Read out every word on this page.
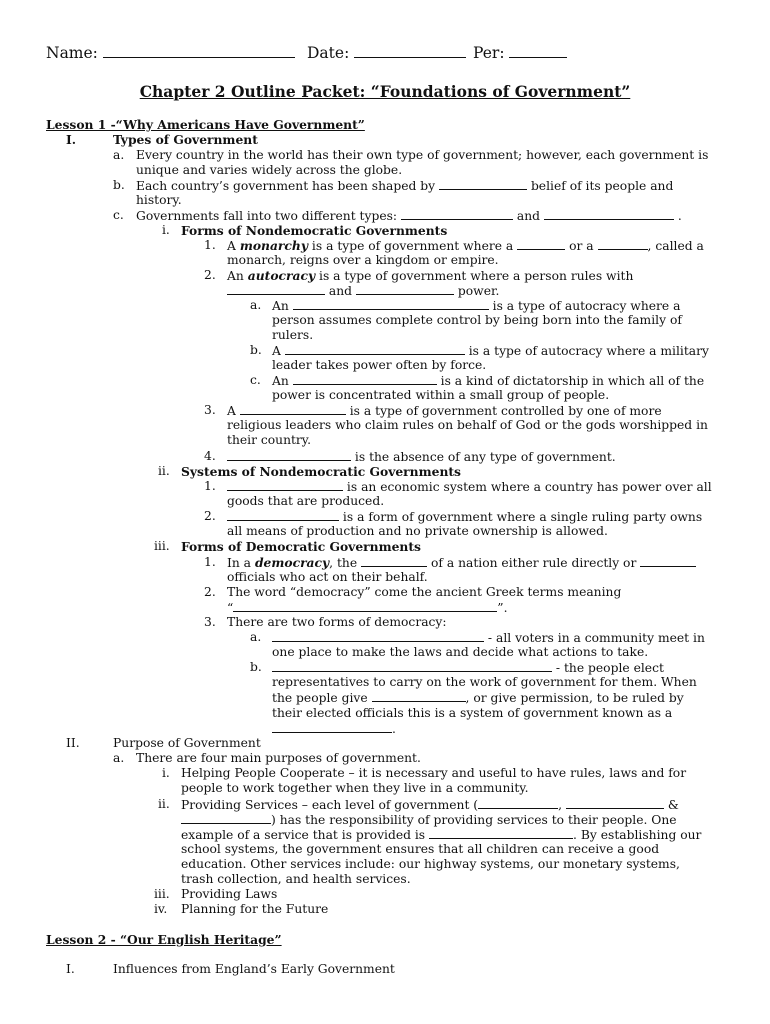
Name:	Date:	Per:
Chapter 2 Outline Packet: “Foundations of Government”
Lesson 1 -“Why Americans Have Government”
I.	Types of Government
a. Every country in the world has their own type of government; however, each government is
unique and varies widely across the globe.
b. Each country’s government has been shaped by	belief of its people and
history.
c. Governments fall into two different types:	and	.
i. Forms of Nondemocratic Governments
1. A monarchy is a type of government where a	or a	, called a
monarch, reigns over a kingdom or empire.
2. An autocracy is a type of government where a person rules with
and	power.
a. An	is a type of autocracy where a
person assumes complete control by being born into the family of
rulers.
b. A	is a type of autocracy where a military
leader takes power often by force.
c. An	is a kind of dictatorship in which all of the
power is concentrated within a small group of people.
3. A	is a type of government controlled by one of more
religious leaders who claim rules on behalf of God or the gods worshipped in
their country.
4.	is the absence of any type of government.
ii. Systems of Nondemocratic Governments
1.	is an economic system where a country has power over all
goods that are produced.
2.	is a form of government where a single ruling party owns
all means of production and no private ownership is allowed.
iii. Forms of Democratic Governments
1. In a democracy, the	of a nation either rule directly or
officials who act on their behalf.
2. The word “democracy” come the ancient Greek terms meaning
“	”.
3. There are two forms of democracy:
a.	- all voters in a community meet in
one place to make the laws and decide what actions to take.
b.	- the people elect
representatives to carry on the work of government for them. When
the people give	, or give permission, to be ruled by
their elected officials this is a system of government known as a
.
II.	Purpose of Government
a. There are four main purposes of government.
i. Helping People Cooperate – it is necessary and useful to have rules, laws and for
people to work together when they live in a community.
ii. Providing Services – each level of government (	,	&
) has the responsibility of providing services to their people. One
example of a service that is provided is	. By establishing our
school systems, the government ensures that all children can receive a good
education. Other services include: our highway systems, our monetary systems,
trash collection, and health services.
iii. Providing Laws
iv. Planning for the Future
Lesson 2 - “Our English Heritage”
I.	Influences from England’s Early Government
